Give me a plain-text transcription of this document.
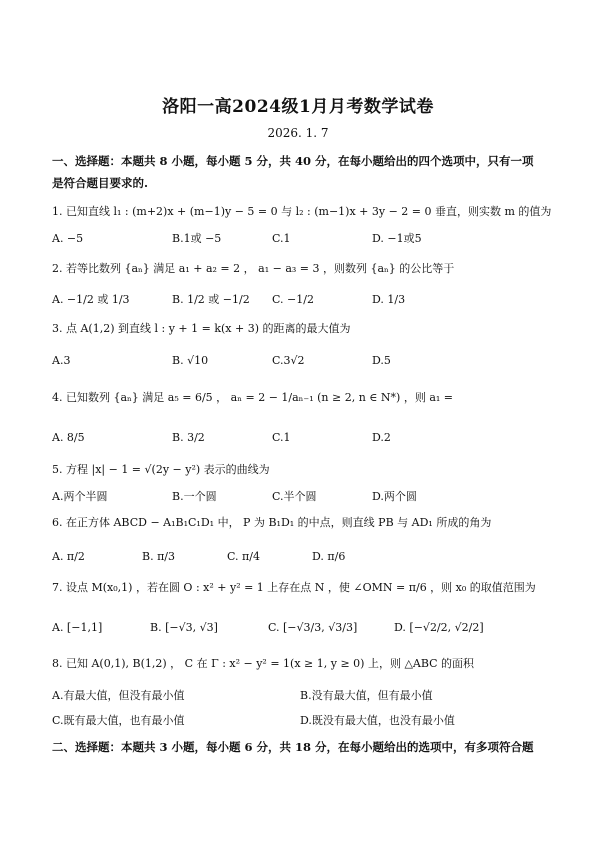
洛阳一高2024级1月月考数学试卷
2026. 1. 7
一、选择题：本题共 8 小题，每小题 5 分，共 40 分，在每小题给出的四个选项中，只有一项
是符合题目要求的.
1. 已知直线 l₁ : (m+2)x + (m−1)y − 5 = 0 与 l₂ : (m−1)x + 3y − 2 = 0 垂直，则实数 m 的值为
A. −5	B.1或 −5	C.1	D. −1或5
2. 若等比数列 {aₙ} 满足 a₁ + a₂ = 2 ， a₁ − a₃ = 3 ，则数列 {aₙ} 的公比等于
A. −1/2 或 1/3	B. 1/2 或 −1/2 C. −1/2	D. 1/3
3. 点 A(1,2) 到直线 l : y + 1 = k(x + 3) 的距离的最大值为
A.3	B. √10	C.3√2	D.5
4. 已知数列 {aₙ} 满足 a₅ = 6/5 ， aₙ = 2 − 1/aₙ₋₁ (n ≥ 2, n ∈ N*) ，则 a₁ =
A. 8/5	B. 3/2	C.1	D.2
5. 方程 |x| − 1 = √(2y − y²) 表示的曲线为
A.两个半圆	B.一个圆	C.半个圆	D.两个圆
6. 在正方体 ABCD − A₁B₁C₁D₁ 中， P 为 B₁D₁ 的中点，则直线 PB 与 AD₁ 所成的角为
A. π/2	B. π/3	C. π/4	D. π/6
7. 设点 M(x₀,1) ，若在圆 O : x² + y² = 1 上存在点 N ，使 ∠OMN = π/6 ，则 x₀ 的取值范围为
A. [−1,1]	B. [−√3, √3]	C. [−√3/3, √3/3]	D. [−√2/2, √2/2]
8. 已知 A(0,1), B(1,2) ， C 在 Γ : x² − y² = 1(x ≥ 1, y ≥ 0) 上，则 △ABC 的面积
A.有最大值，但没有最小值	B.没有最大值，但有最小值
C.既有最大值，也有最小值	D.既没有最大值，也没有最小值
二、选择题：本题共 3 小题，每小题 6 分，共 18 分，在每小题给出的选项中，有多项符合题
